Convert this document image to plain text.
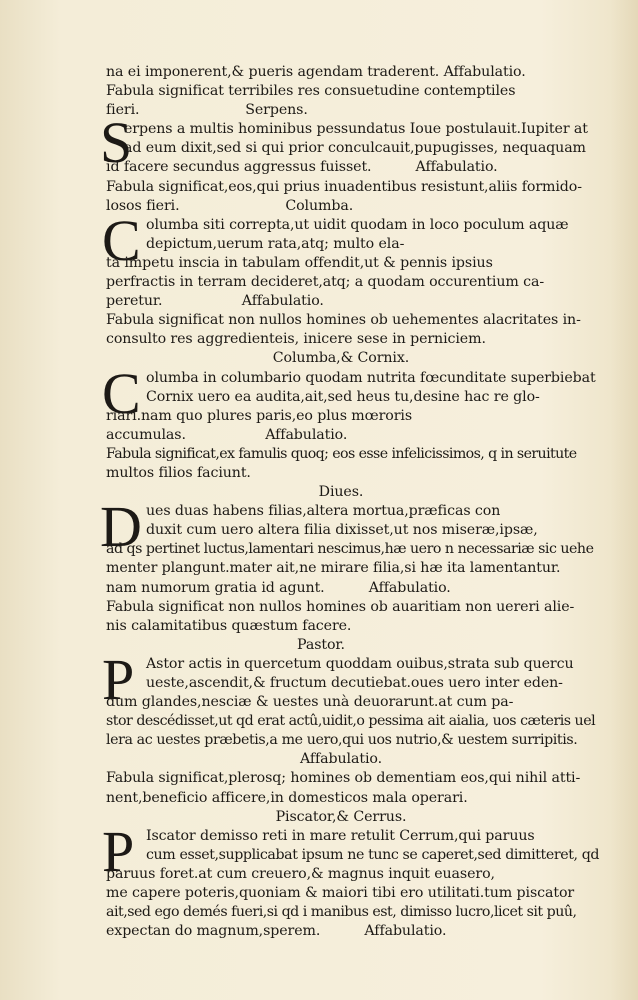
na ei imponerent,& pueris agendam traderent. Affabulatio.
Fabula significat terribiles res consuetudine contemptiles
fieri.                        Serpens.
S
erpens a multis hominibus pessundatus Ioue postulauit.Iupiter at
ad eum dixit,sed si qui prior conculcauit,pupugisses, nequaquam
id facere secundus aggressus fuisset.          Affabulatio.
Fabula significat,eos,qui prius inuadentibus resistunt,aliis formido-
losos fieri.                        Columba.
C olumba siti correpta,ut uidit quodam in loco poculum aquæ
depictum,uerum rata,atq; multo ela-
ta impetu inscia in tabulam offendit,ut & pennis ipsius
perfractis in terram decideret,atq; a quodam occurentium ca-
peretur.                  Affabulatio.
Fabula significat non nullos homines ob uehementes alacritates in-
consulto res aggredienteis, inicere sese in perniciem.
Columba,& Cornix.
C olumba in columbario quodam nutrita fœcunditate superbiebat
Cornix uero ea audita,ait,sed heus tu,desine hac re glo-
riari.nam quo plures paris,eo plus mœroris
accumulas.                  Affabulatio.
Fabula significat,ex famulis quoq; eos esse infelicissimos, q in seruitute
multos filios faciunt.
Diues.
D ues duas habens filias,altera mortua,præficas con
duxit cum uero altera filia dixisset,ut nos miseræ,ipsæ,
ad qs pertinet luctus,lamentari nescimus,hæ uero n necessariæ sic uehe
menter plangunt.mater ait,ne mirare filia,si hæ ita lamentantur.
nam numorum gratia id agunt.          Affabulatio.
Fabula significat non nullos homines ob auaritiam non uereri alie-
nis calamitatibus quæstum facere.
Pastor.
P Astor actis in quercetum quoddam ouibus,strata sub quercu
ueste,ascendit,& fructum decutiebat.oues uero inter eden-
dum glandes,nesciæ & uestes unà deuorarunt.at cum pa-
stor descédisset,ut qd erat actû,uidit,o pessima ait aialia, uos cæteris uel
lera ac uestes præbetis,a me uero,qui uos nutrio,& uestem surripitis.
Affabulatio.
Fabula significat,plerosq; homines ob dementiam eos,qui nihil atti-
nent,beneficio afficere,in domesticos mala operari.
Piscator,& Cerrus.
P Iscator demisso reti in mare retulit Cerrum,qui paruus
cum esset,supplicabat ipsum ne tunc se caperet,sed dimitteret, qd
paruus foret.at cum creuero,& magnus inquit euasero,
me capere poteris,quoniam & maiori tibi ero utilitati.tum piscator
ait,sed ego demés fueri,si qd i manibus est, dimisso lucro,licet sit puû,
expectan do magnum,sperem.          Affabulatio.
